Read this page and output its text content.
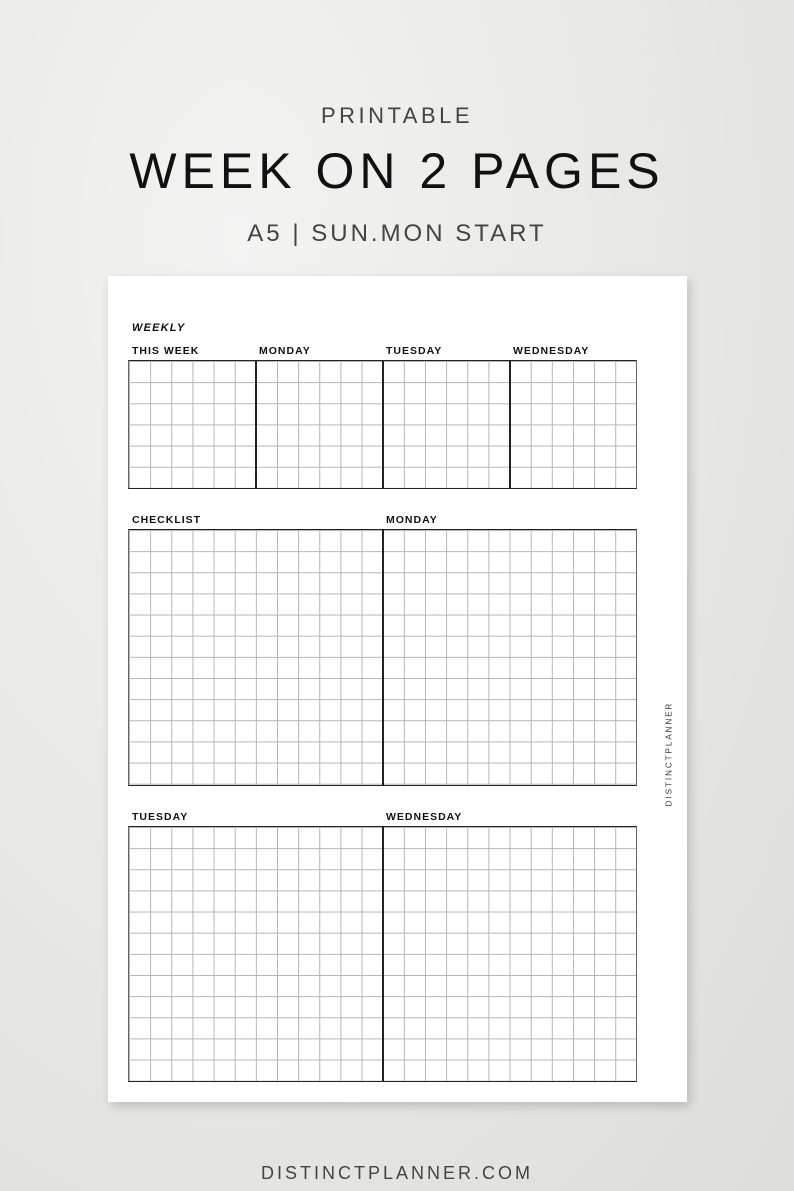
PRINTABLE
WEEK ON 2 PAGES
A5 | SUN.MON START
WEEKLY
THIS WEEK	MONDAY	TUESDAY	WEDNESDAY
CHECKLIST	MONDAY
TUESDAY	WEDNESDAY
DISTINCTPLANNER
DISTINCTPLANNER.COM
